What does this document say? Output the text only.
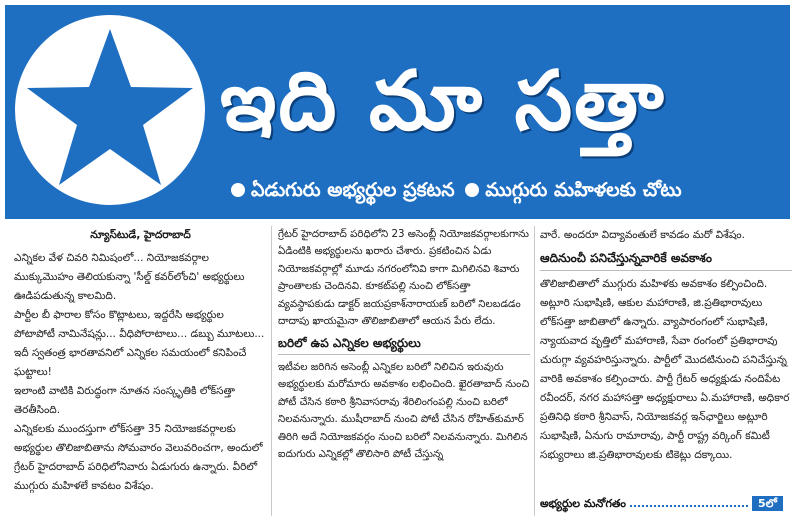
ఇది మా సత్తా
ఏడుగురు అభ్యర్థుల ప్రకటన ముగ్గురు మహిళలకు చోటు

న్యూస్‌టుడే, హైదరాబాద్

ఎన్నికల వేళ చివరి నిమిషంలో... నియోజకవర్గాల ముక్కుమొహం తెలియకున్నా 'సీల్డ్ కవర్‌లోంచి' అభ్యర్థులు ఊడిపడుతున్న కాలమిది.

పార్టీల బీ ఫారాల కోసం కొట్లాటలు, ఇద్దరేసి అభ్యర్థుల పోటాపోటీ నామినేషన్లు... వీధిపోరాటాలు... డబ్బు మూటలు... ఇదీ స్వతంత్ర భారతావనిలో ఎన్నికల సమయంలో కనిపించే ఘట్టాలు!

ఇలాంటి వాటికి విరుద్ధంగా నూతన సంస్కృతికి లోక్‌సత్తా తెరతీసింది.

ఎన్నికలకు ముందస్తుగా లోక్‌సత్తా 35 నియోజకవర్గాలకు అభ్యర్థుల తొలిజాబితాను సోమవారం వెలువరించగా, అందులో గ్రేటర్ హైదరాబాద్ పరిధిలోనివారు ఏడుగురు ఉన్నారు. వీరిలో ముగ్గురు మహిళలే కావటం విశేషం.

గ్రేటర్ హైదరాబాద్ పరిధిలోని 23 అసెంబ్లీ నియోజకవర్గాలకుగాను ఏడింటికి అభ్యర్థులను ఖరారు చేశారు. ప్రకటించిన ఏడు నియోజకవర్గాల్లో మూడు నగరంలోనివి కాగా మిగిలినవి శివారు ప్రాంతాలకు చెందినవి. కూకట్‌పల్లి నుంచి లోక్‌సత్తా వ్యవస్థాపకుడు డాక్టర్ జయప్రకాశ్‌నారాయణ్ బరిలో నిలబడడం దాదాపు ఖాయమైనా తొలిజాబితాలో ఆయన పేరు లేదు.

బరిలో ఉప ఎన్నికల అభ్యర్థులు

ఇటీవల జరిగిన అసెంబ్లీ ఎన్నికల బరిలో నిలిచిన ఇరువురు అభ్యర్థులకు మరోమారు అవకాశం లభించింది. ఖైరతాబాద్ నుంచి పోటీ చేసిన కఠారి శ్రీనివాసరావు శేరిలింగంపల్లి నుంచి బరిలో నిలవనున్నారు. ముషీరాబాద్ నుంచి పోటీ చేసిన రోహిత్‌కుమార్ తిరిగి అదే నియోజకవర్గం నుంచి బరిలో నిలవనున్నారు. మిగిలిన ఐదుగురు ఎన్నికల్లో తొలిసారి పోటీ చేస్తున్న

వారే. అందరూ విద్యావంతులే కావడం మరో విశేషం.

ఆదినుంచీ పనిచేస్తున్నవారికే అవకాశం

తొలిజాబితాలో ముగ్గురు మహిళకు అవకాశం కల్పించింది. అట్లూరి సుభాషిణి, ఆకుల మహారాణి, జి.ప్రతిభారావులు లోక్‌సత్తా జాబితాలో ఉన్నారు. వ్యాపారంగంలో సుభాషిణి, న్యాయవాద వృత్తిలో మహారాణి, సేవా రంగంలో ప్రతిభారావు చురుగ్గా వ్యవహరిస్తున్నారు. పార్టీలో మొదటినుంచి పనిచేస్తున్న వారికి అవకాశం కల్పించారు. పార్టీ గ్రేటర్ అధ్యక్షుడు నందిపేట రవీందర్, నగర మహాసత్తా అధ్యక్షురాలు ఏ.మహారాణి, అధికార ప్రతినిధి కఠారి శ్రీనివాస్, నియోజకవర్గ ఇన్‌ఛార్జిలు అట్లూరి సుభాషిణి, ఏనుగు రామారావు, పార్టీ రాష్ట్ర వర్కింగ్ కమిటీ సభ్యురాలు జి.ప్రతిభారావులకు టికెట్లు దక్కాయి.

అభ్యర్థుల మనోగతం	5లో
